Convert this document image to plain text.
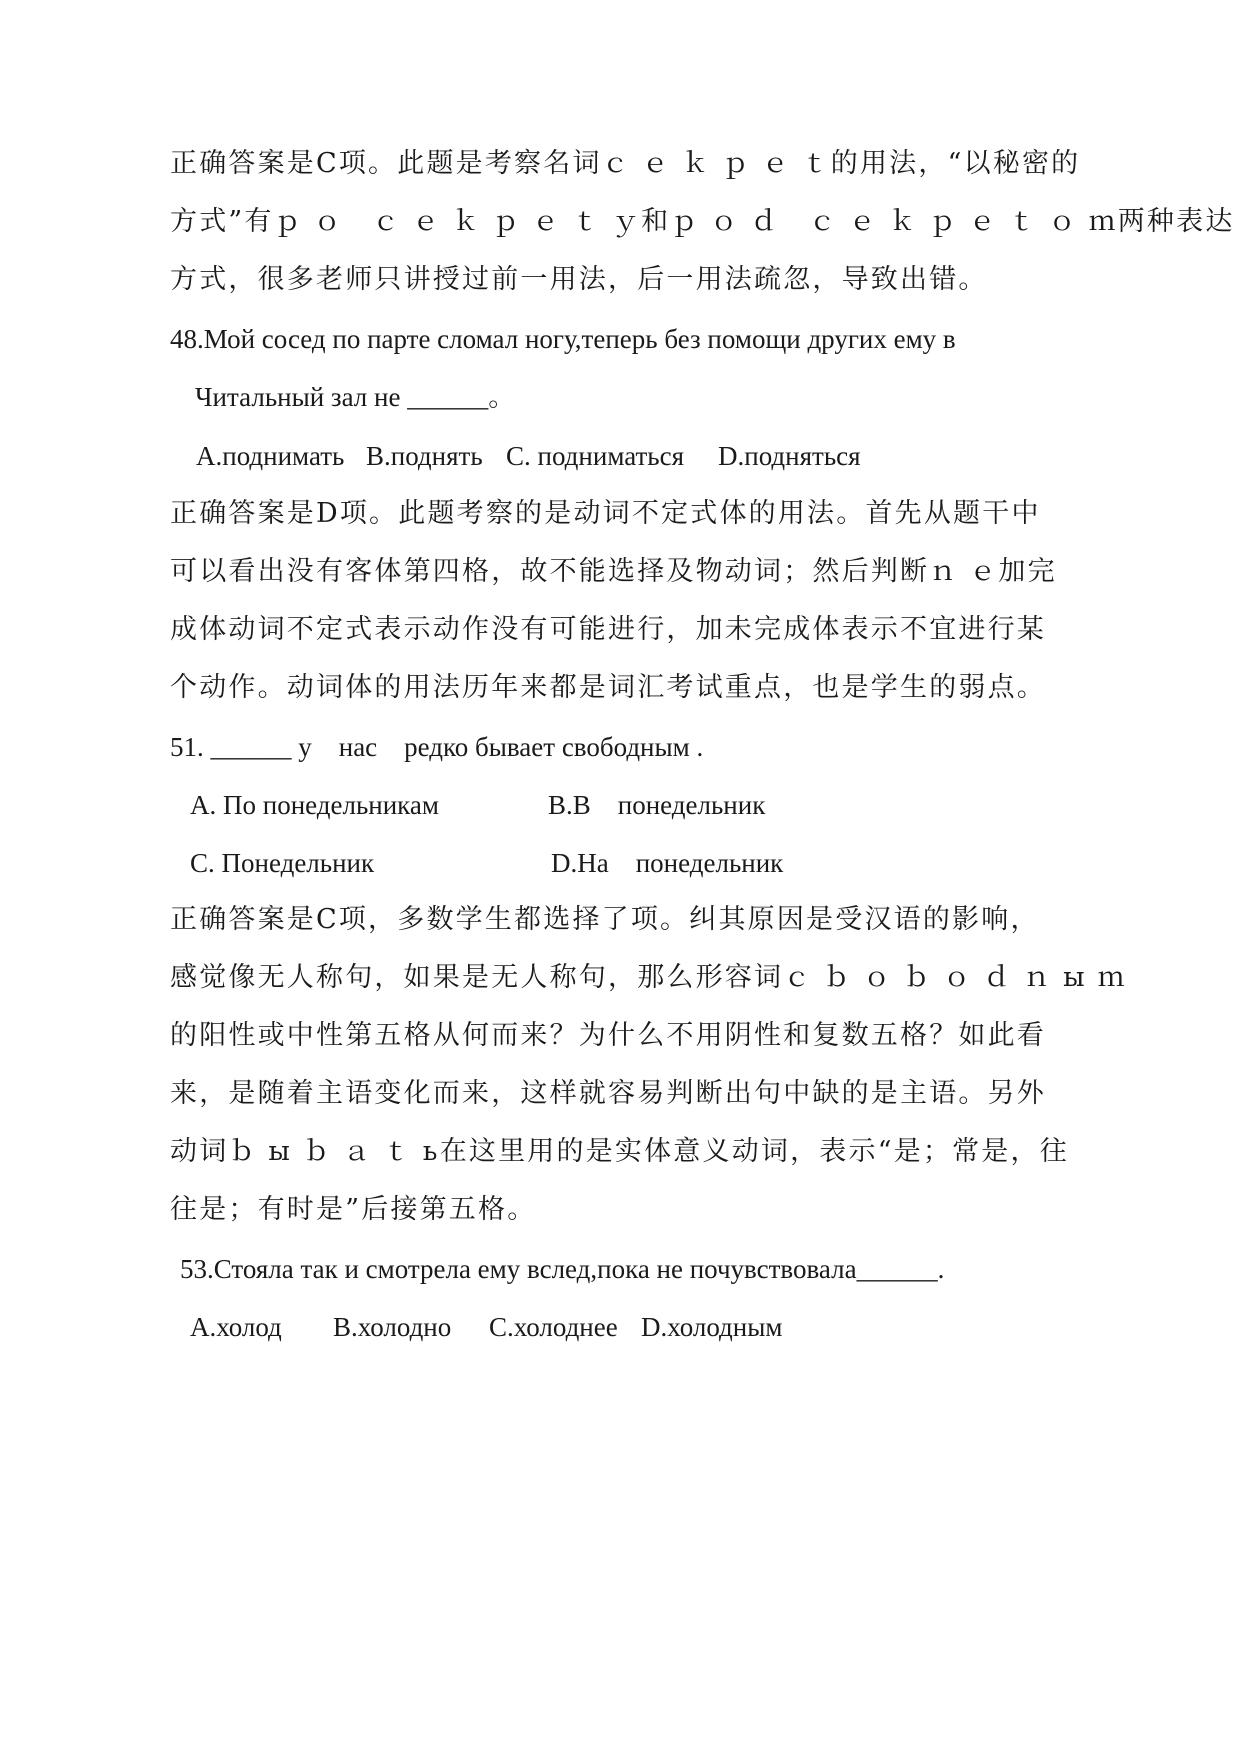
正确答案是C项。此题是考察名词ｃ ｅ ｋ ｐ ｅ ｔ的用法，“以秘密的
方式”有ｐ ｏ　ｃ ｅ ｋ ｐ ｅ ｔ ｙ和ｐ ｏ ｄ　ｃ ｅ ｋ ｐ ｅ ｔ ｏ ｍ两种表达
方式，很多老师只讲授过前一用法，后一用法疏忽，导致出错。
48.Мой сосед по парте сломал ногу,теперь без помощи других ему в
Читальный зал не ______。
A.поднимать B.поднять C. подниматься D.подняться
正确答案是D项。此题考察的是动词不定式体的用法。首先从题干中
可以看出没有客体第四格，故不能选择及物动词；然后判断ｎ ｅ加完
成体动词不定式表示动作没有可能进行，加未完成体表示不宜进行某
个动作。动词体的用法历年来都是词汇考试重点，也是学生的弱点。
51. ______ у    нас    редко бывает свободным .
A. По понедельникам	B.В    понедельник
C. Понедельник	D.На    понедельник
正确答案是C项，多数学生都选择了项。纠其原因是受汉语的影响，
感觉像无人称句，如果是无人称句，那么形容词ｃ ｂ ｏ ｂ ｏ ｄ ｎ ы ｍ
的阳性或中性第五格从何而来？为什么不用阴性和复数五格？如此看
来，是随着主语变化而来，这样就容易判断出句中缺的是主语。另外
动词ｂ ы ｂ ａ ｔ ь在这里用的是实体意义动词，表示“是；常是，往
往是；有时是”后接第五格。
53.Стояла так и смотрела ему вслед,пока не почувствовала______.
A.холод B.холодно C.холоднее D.холодным
